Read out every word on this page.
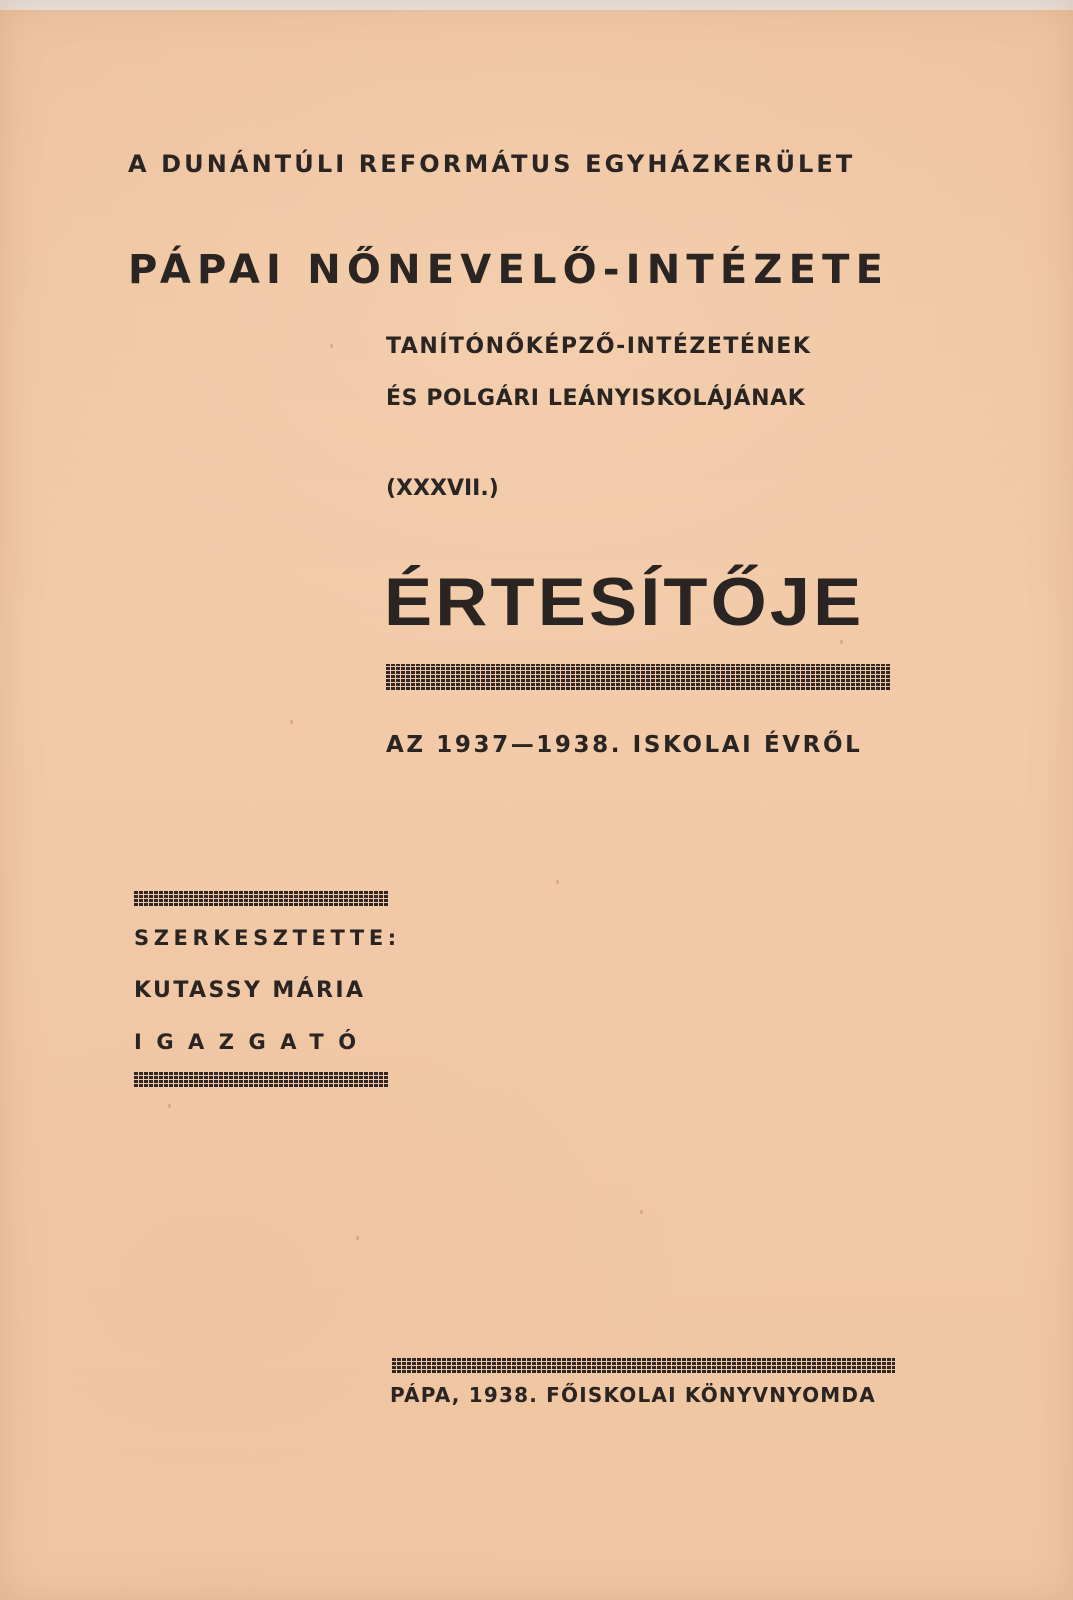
A DUNÁNTÚLI REFORMÁTUS EGYHÁZKERÜLET

PÁPAI NŐNEVELŐ-INTÉZETE

TANÍTÓNŐKÉPZŐ-INTÉZETÉNEK

ÉS POLGÁRI LEÁNYISKOLÁJÁNAK

(XXXVII.)

ÉRTESÍTŐJE

AZ 1937—1938. ISKOLAI ÉVRŐL

SZERKESZTETTE:

KUTASSY MÁRIA

IGAZGATÓ

PÁPA, 1938. FŐISKOLAI KÖNYVNYOMDA
